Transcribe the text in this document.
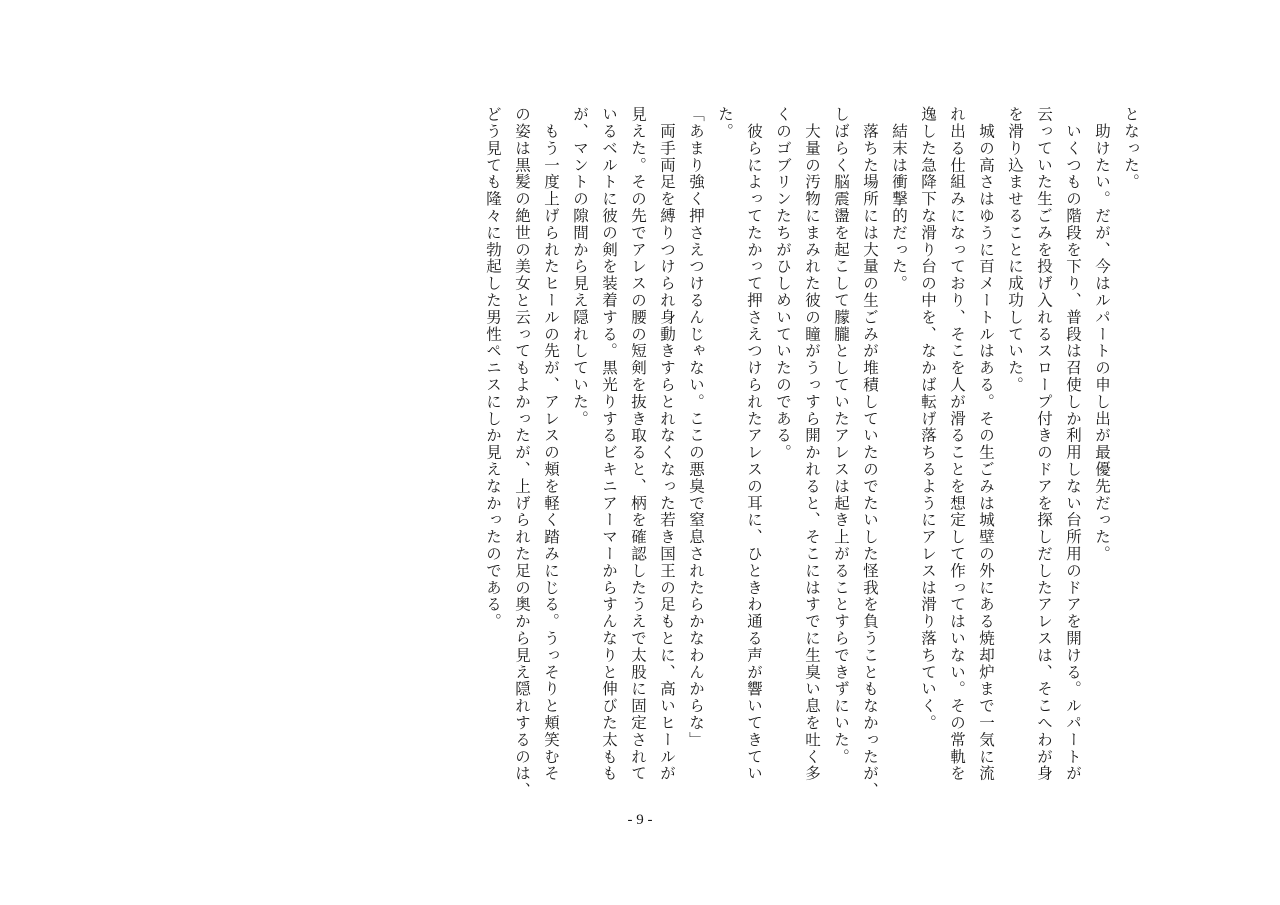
となった。
　助けたい。だが、今はルパートの申し出が最優先だった。
　いくつもの階段を下り、普段は召使しか利用しない台所用のドアを開ける。ルパートが
云っていた生ごみを投げ入れるスロープ付きのドアを探しだしたアレスは、そこへわが身
を滑り込ませることに成功していた。
　城の高さはゆうに百メートルはある。その生ごみは城壁の外にある焼却炉まで一気に流
れ出る仕組みになっており、そこを人が滑ることを想定して作ってはいない。その常軌を
逸した急降下な滑り台の中を、なかば転げ落ちるようにアレスは滑り落ちていく。
　結末は衝撃的だった。
　落ちた場所には大量の生ごみが堆積していたのでたいした怪我を負うこともなかったが、
しばらく脳震盪を起こして朦朧としていたアレスは起き上がることすらできずにいた。
　大量の汚物にまみれた彼の瞳がうっすら開かれると、そこにはすでに生臭い息を吐く多
くのゴブリンたちがひしめいていたのである。
　彼らによってたかって押さえつけられたアレスの耳に、ひときわ通る声が響いてきてい
た。
「あまり強く押さえつけるんじゃない。ここの悪臭で窒息されたらかなわんからな」
　両手両足を縛りつけられ身動きすらとれなくなった若き国王の足もとに、高いヒールが
見えた。その先でアレスの腰の短剣を抜き取ると、柄を確認したうえで太股に固定されて
いるベルトに彼の剣を装着する。黒光りするビキニアーマーからすんなりと伸びた太もも
が、マントの隙間から見え隠れしていた。
　もう一度上げられたヒールの先が、アレスの頬を軽く踏みにじる。うっそりと頬笑むそ
の姿は黒髪の絶世の美女と云ってもよかったが、上げられた足の奥から見え隠れするのは、
どう見ても隆々に勃起した男性ペニスにしか見えなかったのである。
- 9 -
